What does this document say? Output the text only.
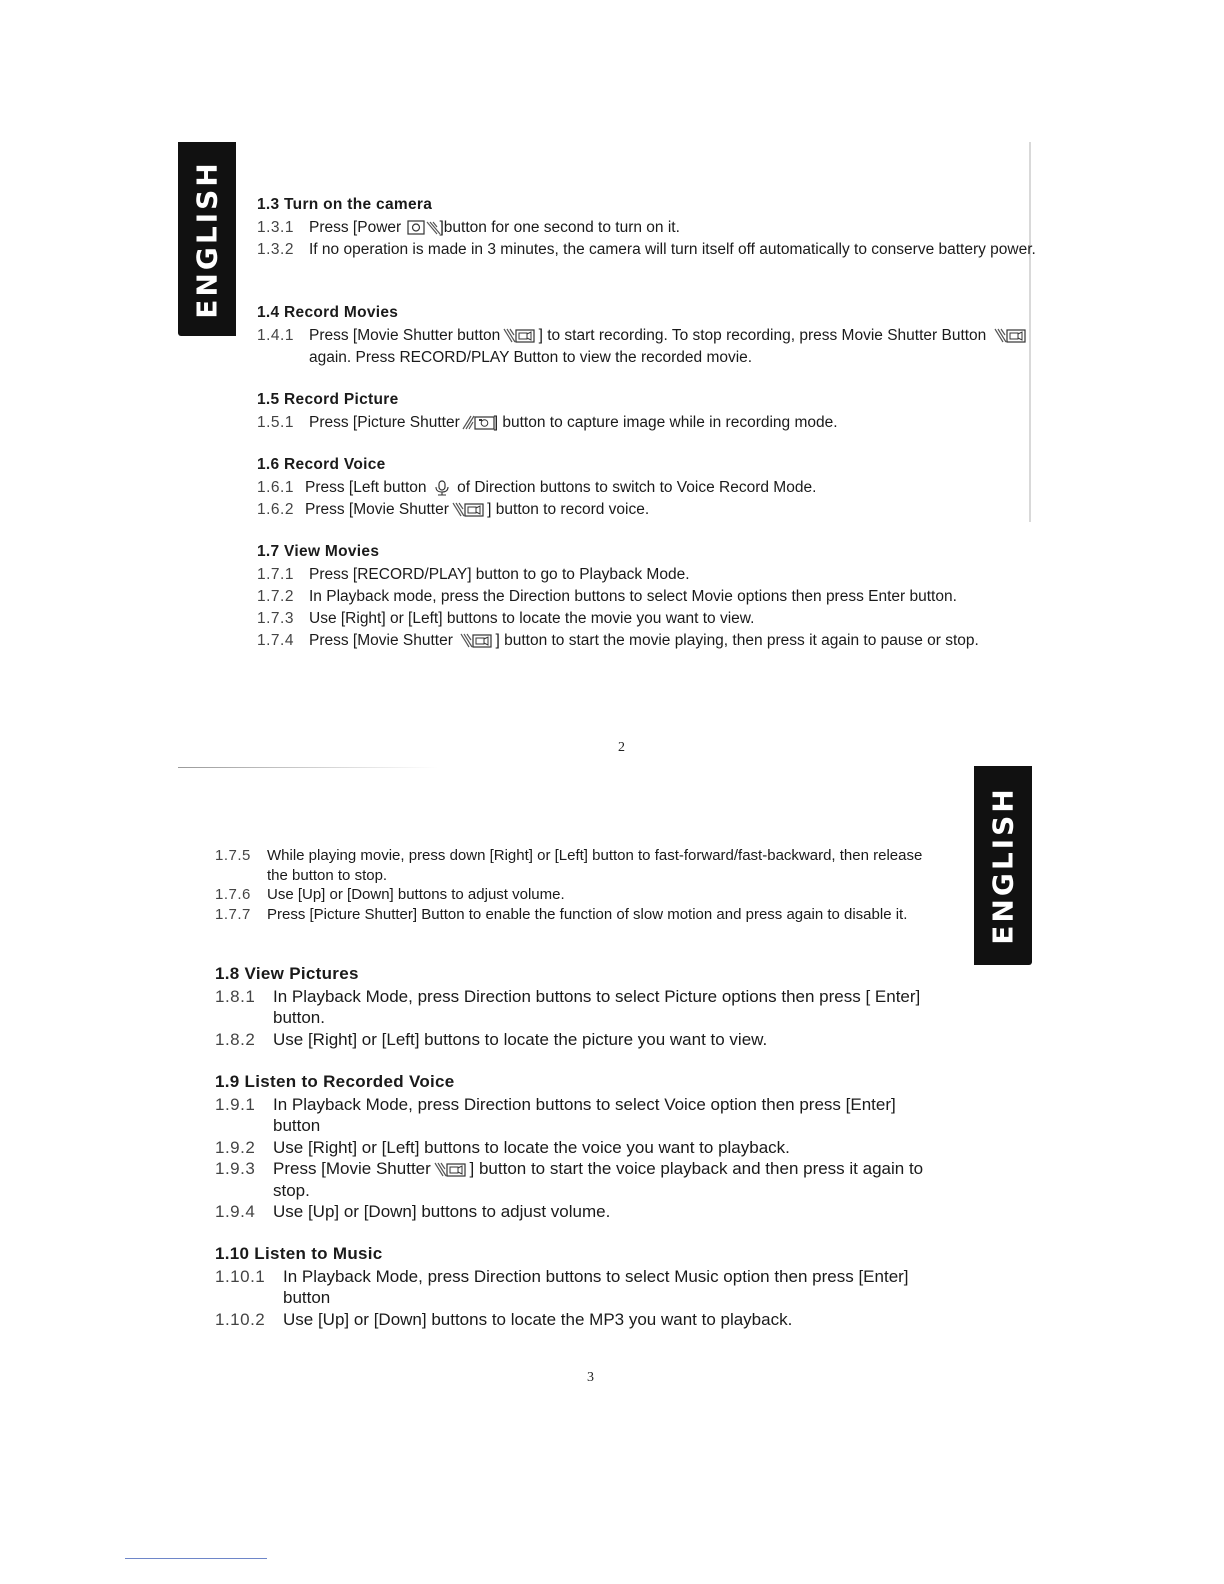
ENGLISH
ENGLISH
1.3 Turn on the camera
1.3.1 Press [Power ]button for one second to turn on it.
1.3.2 If no operation is made in 3 minutes, the camera will turn itself off automatically to conserve battery power.
1.4 Record Movies
1.4.1 Press [Movie Shutter button ] to start recording. To stop recording, press Movie Shutter Button
again. Press RECORD/PLAY Button to view the recorded movie.
1.5 Record Picture
1.5.1 Press [Picture Shutter ] button to capture image while in recording mode.
1.6 Record Voice
1.6.1 Press [Left button of Direction buttons to switch to Voice Record Mode.
1.6.2 Press [Movie Shutter ] button to record voice.
1.7 View Movies
1.7.1 Press [RECORD/PLAY] button to go to Playback Mode.
1.7.2 In Playback mode, press the Direction buttons to select Movie options then press Enter button.
1.7.3 Use [Right] or [Left] buttons to locate the movie you want to view.
1.7.4 Press [Movie Shutter	] button to start the movie playing, then press it again to pause or stop.
2
1.7.5	While playing movie, press down [Right] or [Left] button to fast-forward/fast-backward, then release the button to stop.
1.7.6	Use [Up] or [Down] buttons to adjust volume.
1.7.7	Press [Picture Shutter] Button to enable the function of slow motion and press again to disable it.
1.8 View Pictures
1.8.1	In Playback Mode, press Direction buttons to select Picture options then press [ Enter] button.
1.8.2	Use [Right] or [Left] buttons to locate the picture you want to view.
1.9 Listen to Recorded Voice
1.9.1	In Playback Mode, press Direction buttons to select Voice option then press [Enter] button
1.9.2	Use [Right] or [Left] buttons to locate the voice you want to playback.
1.9.3	Press [Movie Shutter ] button to start the voice playback and then press it again to stop.
1.9.4	Use [Up] or [Down] buttons to adjust volume.
1.10 Listen to Music
1.10.1	In Playback Mode, press Direction buttons to select Music option then press [Enter] button
1.10.2	Use [Up] or [Down] buttons to locate the MP3 you want to playback.
3
